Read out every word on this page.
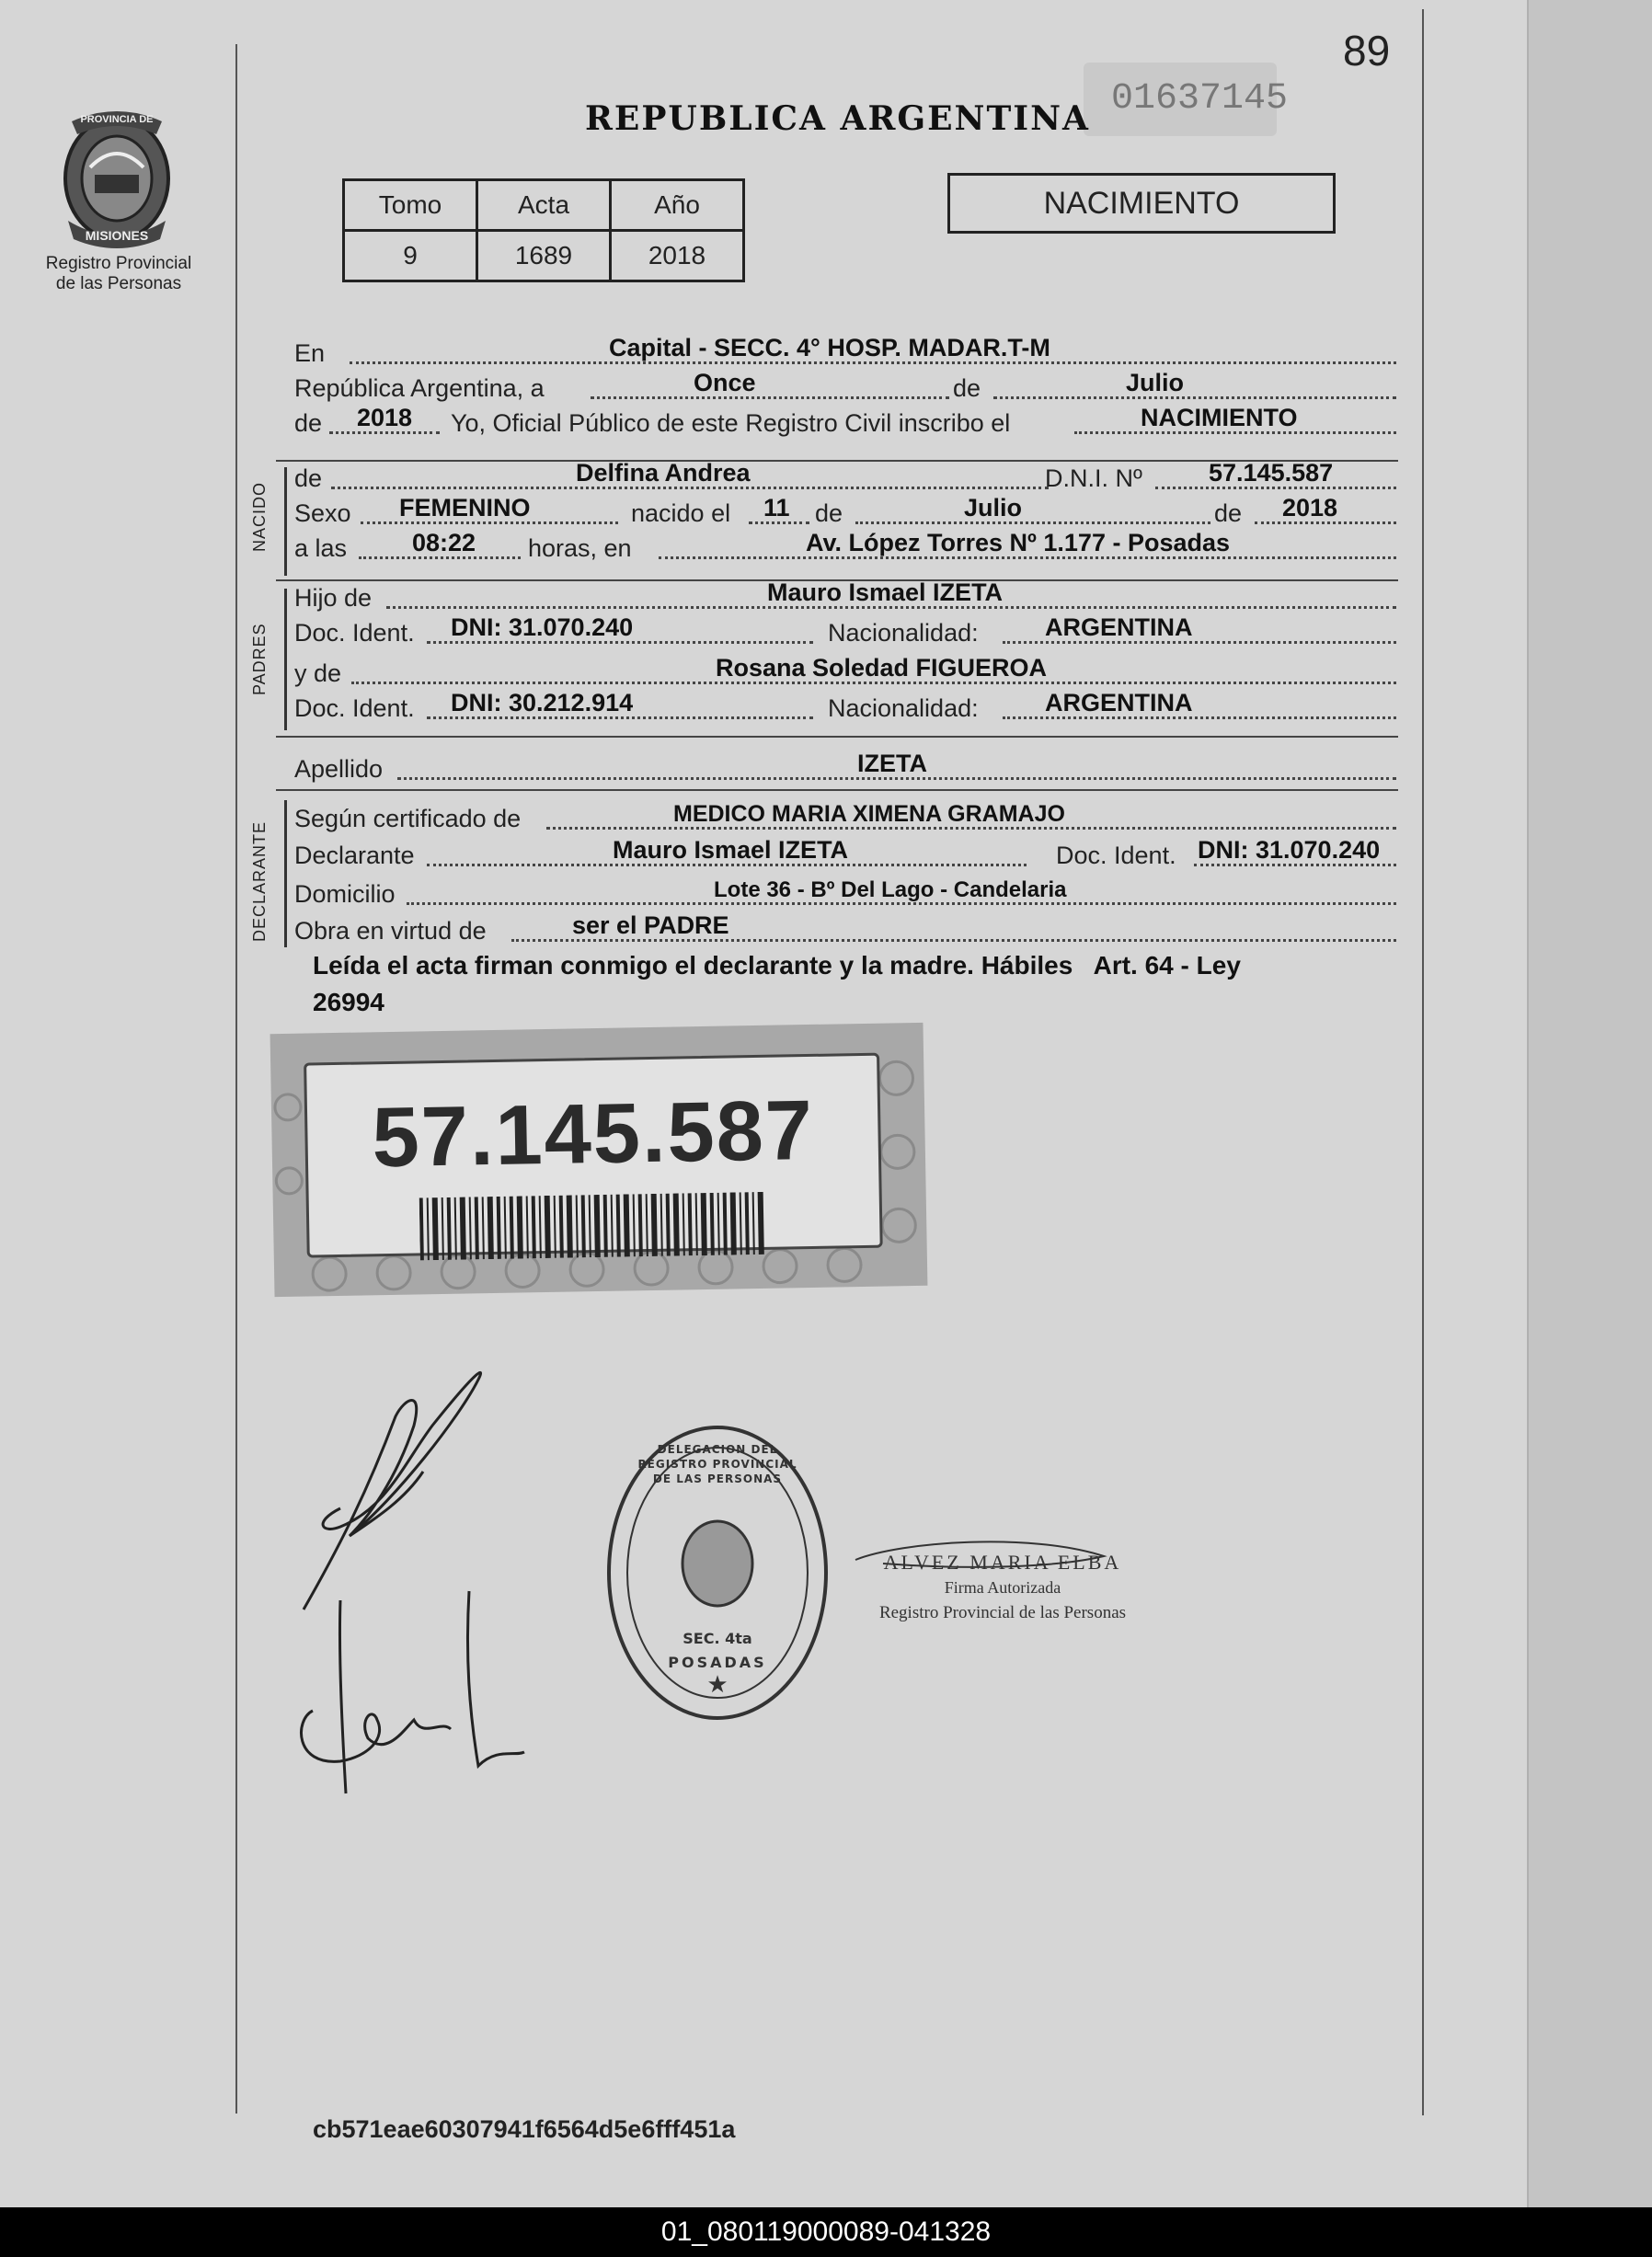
89
01637145
REPUBLICA ARGENTINA
PROVINCIA DE
MISIONES
Registro Provincial
de las Personas
Tomo	Acta	Año
9	1689	2018
NACIMIENTO
En	Capital - SECC. 4° HOSP. MADAR.T-M
República Argentina, a	Once	de	Julio
de 2018 Yo, Oficial Público de este Registro Civil inscribo el	NACIMIENTO
NACIDO
de	Delfina Andrea	D.N.I. Nº	57.145.587
Sexo FEMENINO	nacido el 11 de	Julio	de 2018
a las	08:22 horas, en	Av. López Torres Nº 1.177 - Posadas
PADRES
Hijo de	Mauro Ismael IZETA
Doc. Ident. DNI: 31.070.240	Nacionalidad:	ARGENTINA
y de	Rosana Soledad FIGUEROA
Doc. Ident. DNI: 30.212.914	Nacionalidad:	ARGENTINA
Apellido	IZETA
DECLARANTE
Según certificado de	MEDICO MARIA XIMENA GRAMAJO
Declarante	Mauro Ismael IZETA	Doc. Ident. DNI: 31.070.240
Domicilio	Lote 36 - Bº Del Lago - Candelaria
Obra en virtud de	ser el PADRE
Leída el acta firman conmigo el declarante y la madre. Hábiles   Art. 64 - Ley
26994
57.145.587
★
DELEGACION DEL REGISTRO PROVINCIAL DE LAS PERSONAS
SEC. 4ta
POSADAS
ALVEZ MARIA ELBA
Firma Autorizada
Registro Provincial de las Personas
cb571eae60307941f6564d5e6fff451a
01_080119000089-041328
